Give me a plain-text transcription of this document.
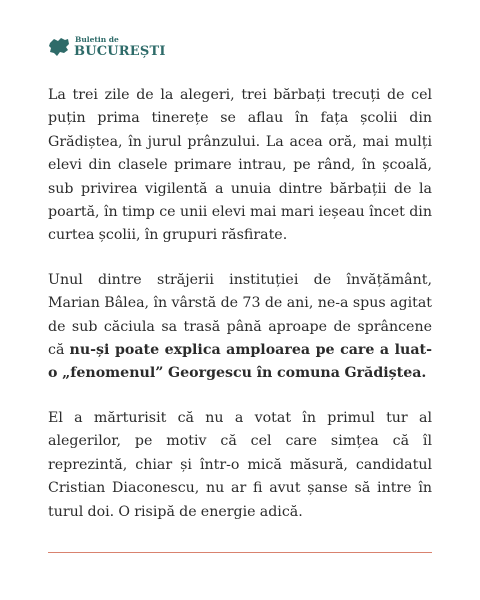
Buletin de
BUCUREȘTI

La trei zile de la alegeri, trei bărbați trecuți de cel puțin prima tinerețe se aflau în fața școlii din Grădiștea, în jurul prânzului. La acea oră, mai mulți elevi din clasele primare intrau, pe rând, în școală, sub privirea vigilentă a unuia dintre bărbații de la poartă, în timp ce unii elevi mai mari ieșeau încet din curtea școlii, în grupuri răsfirate.

Unul dintre străjerii instituției de învățământ, Marian Bâlea, în vârstă de 73 de ani, ne-a spus agitat de sub căciula sa trasă până aproape de sprâncene că nu-și poate explica amploarea pe care a luat-o „fenomenul” Georgescu în comuna Grădiștea.

El a mărturisit că nu a votat în primul tur al alegerilor, pe motiv că cel care simțea că îl reprezintă, chiar și într-o mică măsură, candidatul Cristian Diaconescu, nu ar fi avut șanse să intre în turul doi. O risipă de energie adică.
